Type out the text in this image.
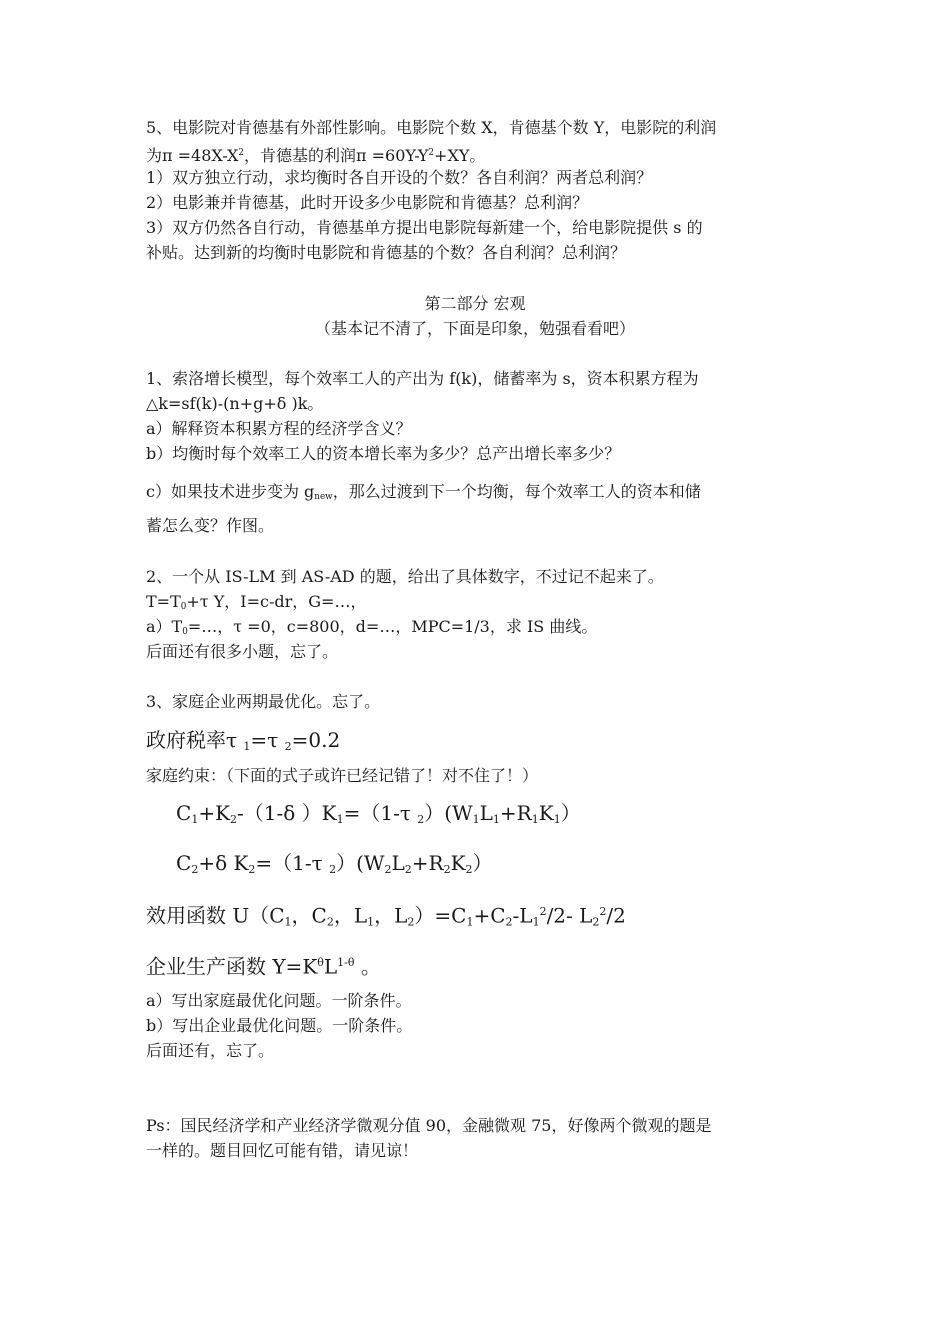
5、电影院对肯德基有外部性影响。电影院个数 X，肯德基个数 Y，电影院的利润
为$\pi =48X-X^2$，肯德基的利润$\pi =60Y-Y^2+XY$。
1）双方独立行动，求均衡时各自开设的个数？各自利润？两者总利润？
2）电影兼并肯德基，此时开设多少电影院和肯德基？总利润？
3）双方仍然各自行动，肯德基单方提出电影院每新建一个，给电影院提供 s 的
补贴。达到新的均衡时电影院和肯德基的个数？各自利润？总利润？
第二部分 宏观
（基本记不清了，下面是印象，勉强看看吧）
1、索洛增长模型，每个效率工人的产出为 f(k)，储蓄率为 s，资本积累方程为
△k=sf(k)-(n+g+δ )k。
a）解释资本积累方程的经济学含义？
b）均衡时每个效率工人的资本增长率为多少？总产出增长率多少？
c）如果技术进步变为 $g_{new}$，那么过渡到下一个均衡，每个效率工人的资本和储
蓄怎么变？作图。
2、一个从 IS-LM 到 AS-AD 的题，给出了具体数字，不过记不起来了。
$T=T_0+\tau$ Y，I=c-dr，G=…，
$a)T_0=\dots$，τ =0，c=800，d=…，MPC=1/3，求 IS 曲线。
后面还有很多小题，忘了。
3、家庭企业两期最优化。忘了。
政府税率τ $_1$=τ $_2$=0.2
家庭约束：（下面的式子或许已经记错了！对不住了！）
$C_1+K_2-(1-\delta$ ）$K_1=(1-\tau$ $_2)(W_1L_1+R_1K_1)$
$C_2+\delta$ $K_2=(1-\tau$ $_2)(W_2L_2+R_2K_2)$
效用函数 $U(C_1$，$C_2$，$L_1$，$L_2)=C_1+C_2-L_1^2/2-$ $L_2^2/2$
企业生产函数 $Y=K^\theta L^{1-\theta}$ 。
a）写出家庭最优化问题。一阶条件。
b）写出企业最优化问题。一阶条件。
后面还有，忘了。
Ps：国民经济学和产业经济学微观分值 90，金融微观 75，好像两个微观的题是
一样的。题目回忆可能有错，请见谅！
